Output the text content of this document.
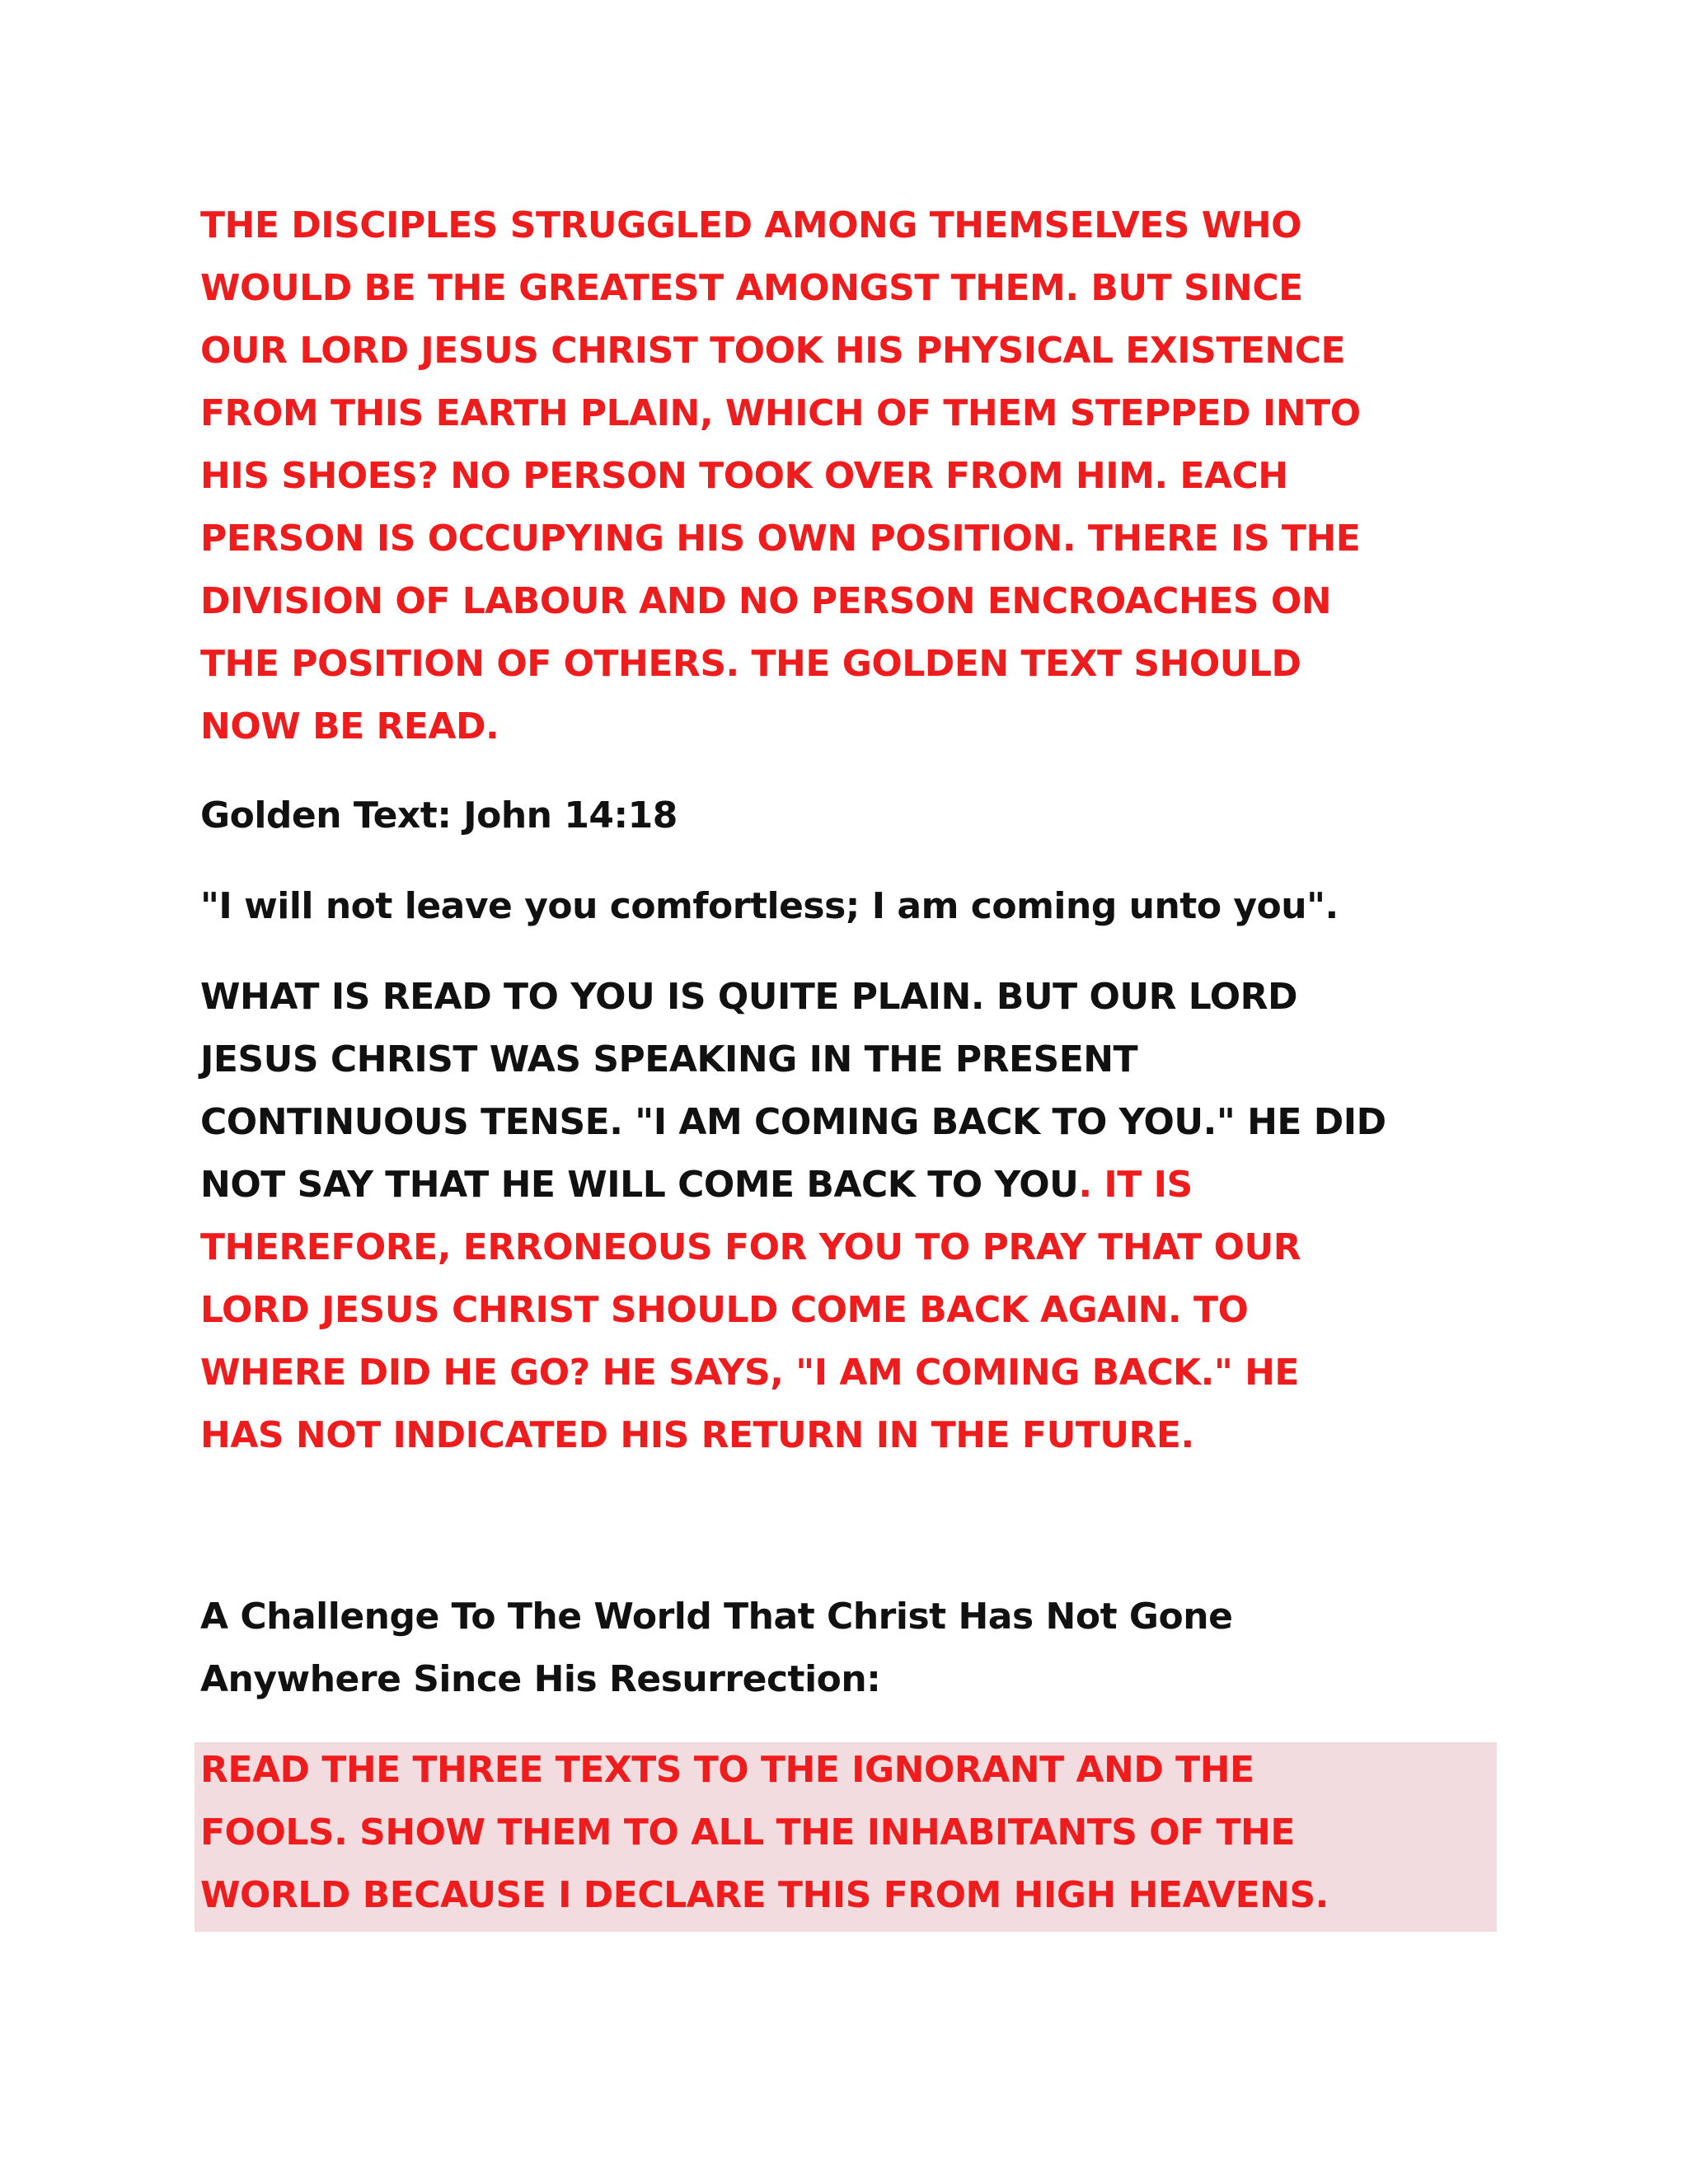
THE DISCIPLES STRUGGLED AMONG THEMSELVES WHO
WOULD BE THE GREATEST AMONGST THEM. BUT SINCE
OUR LORD JESUS CHRIST TOOK HIS PHYSICAL EXISTENCE
FROM THIS EARTH PLAIN, WHICH OF THEM STEPPED INTO
HIS SHOES? NO PERSON TOOK OVER FROM HIM. EACH
PERSON IS OCCUPYING HIS OWN POSITION. THERE IS THE
DIVISION OF LABOUR AND NO PERSON ENCROACHES ON
THE POSITION OF OTHERS. THE GOLDEN TEXT SHOULD
NOW BE READ.
Golden Text: John 14:18
"I will not leave you comfortless; I am coming unto you".
WHAT IS READ TO YOU IS QUITE PLAIN. BUT OUR LORD
JESUS CHRIST WAS SPEAKING IN THE PRESENT
CONTINUOUS TENSE. "I AM COMING BACK TO YOU." HE DID
NOT SAY THAT HE WILL COME BACK TO YOU. IT IS
THEREFORE, ERRONEOUS FOR YOU TO PRAY THAT OUR
LORD JESUS CHRIST SHOULD COME BACK AGAIN. TO
WHERE DID HE GO? HE SAYS, "I AM COMING BACK." HE
HAS NOT INDICATED HIS RETURN IN THE FUTURE.
A Challenge To The World That Christ Has Not Gone
Anywhere Since His Resurrection:
READ THE THREE TEXTS TO THE IGNORANT AND THE
FOOLS. SHOW THEM TO ALL THE INHABITANTS OF THE
WORLD BECAUSE I DECLARE THIS FROM HIGH HEAVENS.
